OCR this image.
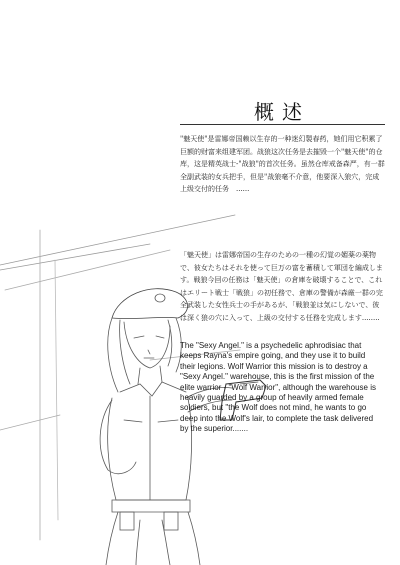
概述
"魅天使"是雷娜帝国赖以生存的一种迷幻製春药，她们用它积累了巨额的财富来组建军团。战狼这次任务是去摧毁一个"魅天使"的仓库，这是精英战士-"战狼"的首次任务。虽然仓库戒备森严，有一群全副武装的女兵把手，但是"战狼毫不介意，他要深入狼穴，完成上级交付的任务　......
「魅天使」は雷娜帝国の生存のための一種の幻覚の媚薬の薬物で、彼女たちはそれを使って巨万の富を蓄積して軍団を編成します。戦狼今回の任務は「魅天使」の倉庫を破壊することで、これはエリート戦士「戦狼」の初任務で、倉庫の警備が森厳一群の完全武装した女性兵士の手があるが、「戦狼並は気にしないで、彼は深く狼の穴に入って、上級の交付する任務を完成します........
The "Sexy Angel." is a psychedelic aphrodisiac that keeps Rayna's empire going, and they use it to build their legions. Wolf Warrior this mission is to destroy a "Sexy Angel." warehouse, this is the first mission of the elite warrior - "Wolf Warrior", although the warehouse is heavily guarded by a group of heavily armed female soldiers, but "the Wolf does not mind, he wants to go deep into the Wolf's lair, to complete the task delivered by the superior.......
